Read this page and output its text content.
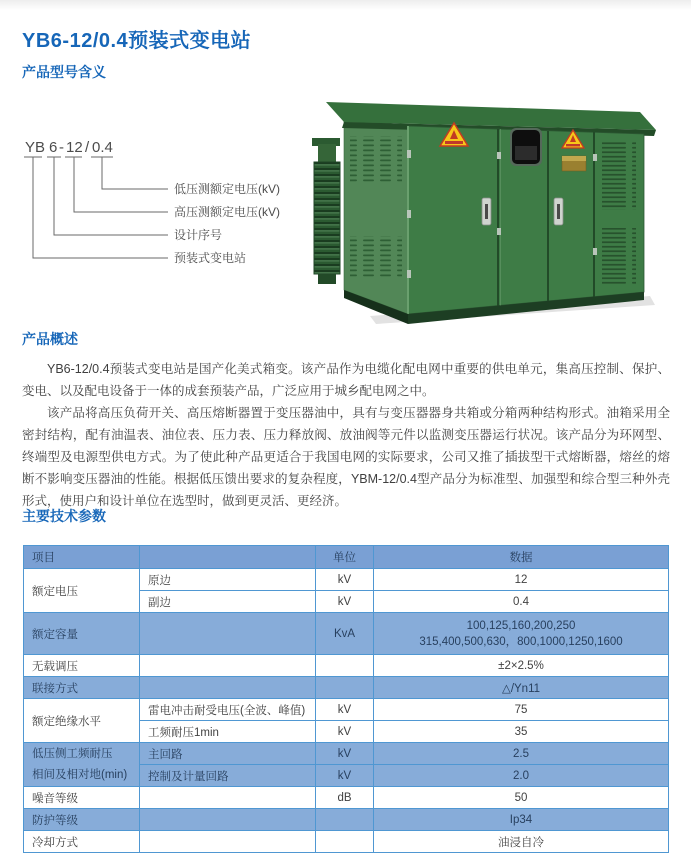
YB6-12/0.4预装式变电站
产品型号含义
YB 6 - 12 / 0.4
低压测额定电压(kV)
高压测额定电压(kV)
设计序号
预装式变电站
产品概述

YB6-12/0.4预装式变电站是国产化美式箱变。该产品作为电缆化配电网中重要的供电单元，集高压控制、保护、变电、以及配电设备于一体的成套预装产品，广泛应用于城乡配电网之中。

该产品将高压负荷开关、高压熔断器置于变压器油中，具有与变压器器身共箱或分箱两种结构形式。油箱采用全密封结构，配有油温表、油位表、压力表、压力释放阀、放油阀等元件以监测变压器运行状况。该产品分为环网型、终端型及电源型供电方式。为了使此种产品更适合于我国电网的实际要求，公司又推了插拔型干式熔断器，熔丝的熔断不影响变压器油的性能。根据低压馈出要求的复杂程度，YBM-12/0.4型产品分为标准型、加强型和综合型三种外壳形式，使用户和设计单位在选型时，做到更灵活、更经济。

主要技术参数
项目		单位	数据
额定电压	原边	kV	12
	副边	kV	0.4
额定容量		KvA	100,125,160,200,250
315,400,500,630，800,1000,1250,1600

无载调压			±2×2.5%
联接方式			△/Yn11
额定绝缘水平	雷电冲击耐受电压(全波、峰值)	kV	75
	工频耐压1min	kV	35

低压侧工频耐压
相间及相对地(min)	主回路	kV	2.5
	控制及计量回路	kV	2.0
噪音等级		dB	50
防护等级			Ip34
冷却方式			油浸自冷
